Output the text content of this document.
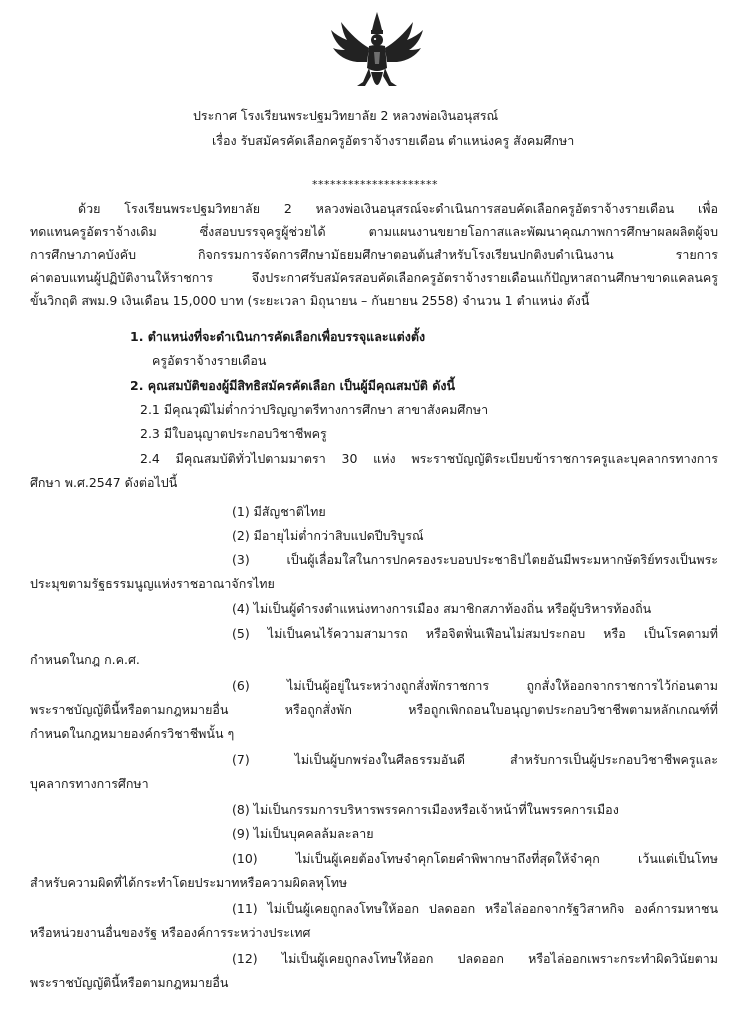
ประกาศ โรงเรียนพระปฐมวิทยาลัย 2 หลวงพ่อเงินอนุสรณ์
เรื่อง รับสมัครคัดเลือกครูอัตราจ้างรายเดือน ตำแหน่งครู สังคมศึกษา
*********************
ด้วย โรงเรียนพระปฐมวิทยาลัย 2 หลวงพ่อเงินอนุสรณ์จะดำเนินการสอบคัดเลือกครูอัตราจ้างรายเดือน เพื่อ
ทดแทนครูอัตราจ้างเดิม ซึ่งสอบบรรจุครูผู้ช่วยได้ ตามแผนงานขยายโอกาสและพัฒนาคุณภาพการศึกษาผลผลิตผู้จบ
การศึกษาภาคบังคับ กิจกรรมการจัดการศึกษามัธยมศึกษาตอนต้นสำหรับโรงเรียนปกติงบดำเนินงาน รายการ
ค่าตอบแทนผู้ปฏิบัติงานให้ราชการ จึงประกาศรับสมัครสอบคัดเลือกครูอัตราจ้างรายเดือนแก้ปัญหาสถานศึกษาขาดแคลนครู
ขั้นวิกฤติ สพม.9 เงินเดือน 15,000 บาท (ระยะเวลา มิถุนายน – กันยายน 2558) จำนวน 1 ตำแหน่ง ดังนี้
1. ตำแหน่งที่จะดำเนินการคัดเลือกเพื่อบรรจุและแต่งตั้ง
ครูอัตราจ้างรายเดือน
2. คุณสมบัติของผู้มีสิทธิสมัครคัดเลือก เป็นผู้มีคุณสมบัติ ดังนี้
2.1 มีคุณวุฒิไม่ต่ำกว่าปริญญาตรีทางการศึกษา สาขาสังคมศึกษา
2.3 มีใบอนุญาตประกอบวิชาชีพครู
2.4 มีคุณสมบัติทั่วไปตามมาตรา 30 แห่ง พระราชบัญญัติระเบียบข้าราชการครูและบุคลากรทางการ
ศึกษา พ.ศ.2547 ดังต่อไปนี้
(1) มีสัญชาติไทย
(2) มีอายุไม่ต่ำกว่าสิบแปดปีบริบูรณ์
(3) เป็นผู้เลื่อมใสในการปกครองระบอบประชาธิปไตยอันมีพระมหากษัตริย์ทรงเป็นพระ
ประมุขตามรัฐธรรมนูญแห่งราชอาณาจักรไทย
(4) ไม่เป็นผู้ดำรงตำแหน่งทางการเมือง สมาชิกสภาท้องถิ่น หรือผู้บริหารท้องถิ่น
(5) ไม่เป็นคนไร้ความสามารถ หรือจิตฟั่นเฟือนไม่สมประกอบ หรือ เป็นโรคตามที่
กำหนดในกฎ ก.ค.ศ.
(6) ไม่เป็นผู้อยู่ในระหว่างถูกสั่งพักราชการ ถูกสั่งให้ออกจากราชการไว้ก่อนตาม
พระราชบัญญัตินี้หรือตามกฎหมายอื่น หรือถูกสั่งพัก หรือถูกเพิกถอนใบอนุญาตประกอบวิชาชีพตามหลักเกณฑ์ที่
กำหนดในกฎหมายองค์กรวิชาชีพนั้น ๆ
(7) ไม่เป็นผู้บกพร่องในศีลธรรมอันดี สำหรับการเป็นผู้ประกอบวิชาชีพครูและ
บุคลากรทางการศึกษา
(8) ไม่เป็นกรรมการบริหารพรรคการเมืองหรือเจ้าหน้าที่ในพรรคการเมือง
(9) ไม่เป็นบุคคลล้มละลาย
(10) ไม่เป็นผู้เคยต้องโทษจำคุกโดยคำพิพากษาถึงที่สุดให้จำคุก เว้นแต่เป็นโทษ
สำหรับความผิดที่ได้กระทำโดยประมาทหรือความผิดลหุโทษ
(11) ไม่เป็นผู้เคยถูกลงโทษให้ออก ปลดออก หรือไล่ออกจากรัฐวิสาหกิจ องค์การมหาชน
หรือหน่วยงานอื่นของรัฐ หรือองค์การระหว่างประเทศ
(12) ไม่เป็นผู้เคยถูกลงโทษให้ออก ปลดออก หรือไล่ออกเพราะกระทำผิดวินัยตาม
พระราชบัญญัตินี้หรือตามกฎหมายอื่น
